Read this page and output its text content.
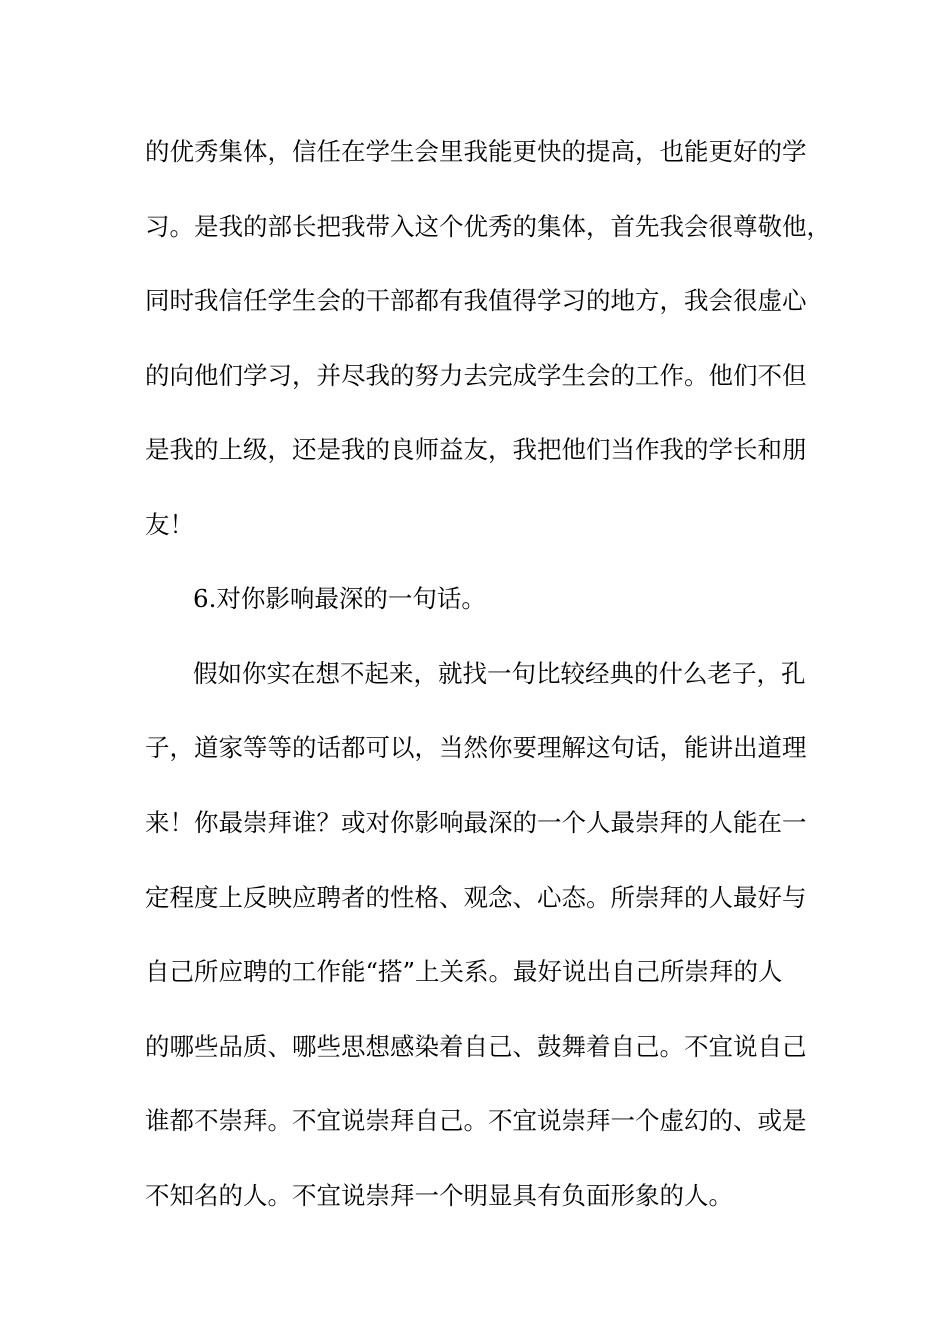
的优秀集体，信任在学生会里我能更快的提高，也能更好的学
习。是我的部长把我带入这个优秀的集体，首先我会很尊敬他，
同时我信任学生会的干部都有我值得学习的地方，我会很虚心
的向他们学习，并尽我的努力去完成学生会的工作。他们不但
是我的上级，还是我的良师益友，我把他们当作我的学长和朋
友！
6.对你影响最深的一句话。
假如你实在想不起来，就找一句比较经典的什么老子，孔
子，道家等等的话都可以，当然你要理解这句话，能讲出道理
来！你最崇拜谁？或对你影响最深的一个人最崇拜的人能在一
定程度上反映应聘者的性格、观念、心态。所崇拜的人最好与
自己所应聘的工作能“搭”上关系。最好说出自己所崇拜的人
的哪些品质、哪些思想感染着自己、鼓舞着自己。不宜说自己
谁都不崇拜。不宜说崇拜自己。不宜说崇拜一个虚幻的、或是
不知名的人。不宜说崇拜一个明显具有负面形象的人。
